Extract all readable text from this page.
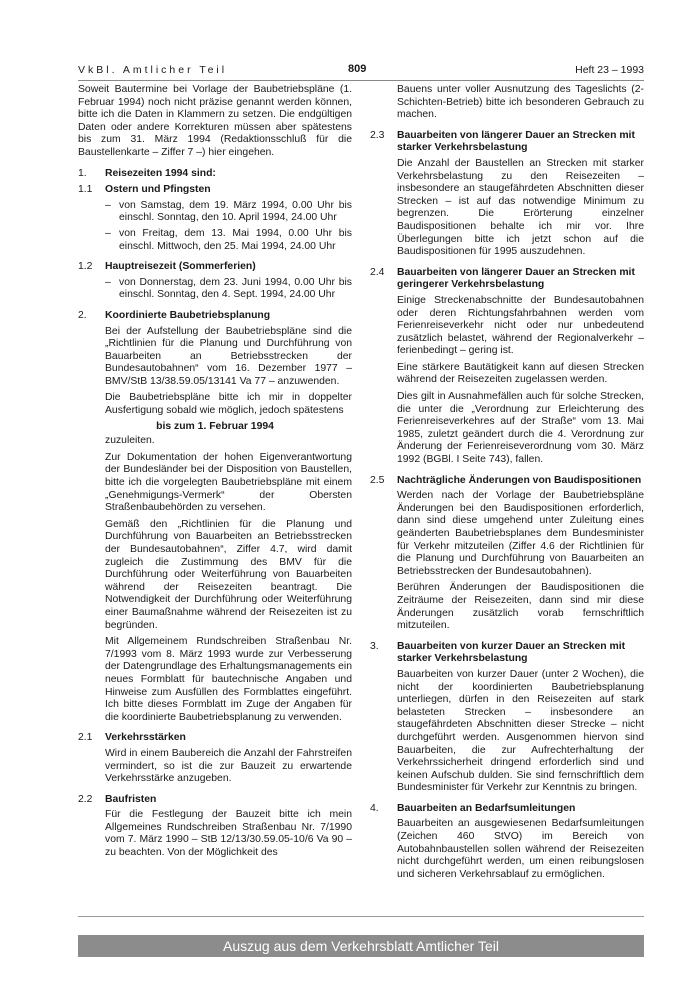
VkBl. Amtlicher Teil	809	Heft 23 – 1993

Soweit Bautermine bei Vorlage der Baubetriebspläne (1. Februar 1994) noch nicht präzise genannt werden können, bitte ich die Daten in Klammern zu setzen. Die endgültigen Daten oder andere Korrekturen müssen aber spätestens bis zum 31. März 1994 (Redaktionsschluß für die Baustellenkarte – Ziffer 7 –) hier eingehen.

1. Reisezeiten 1994 sind:
1.1 Ostern und Pfingsten
– von Samstag, dem 19. März 1994, 0.00 Uhr bis einschl. Sonntag, den 10. April 1994, 24.00 Uhr
– von Freitag, dem 13. Mai 1994, 0.00 Uhr bis einschl. Mittwoch, den 25. Mai 1994, 24.00 Uhr
1.2 Hauptreisezeit (Sommerferien)
– von Donnerstag, dem 23. Juni 1994, 0.00 Uhr bis einschl. Sonntag, den 4. Sept. 1994, 24.00 Uhr
2. Koordinierte Baubetriebsplanung

Bei der Aufstellung der Baubetriebspläne sind die „Richtlinien für die Planung und Durchführung von Bauarbeiten an Betriebsstrecken der Bundesautobahnen“ vom 16. Dezember 1977 – BMV/StB 13/38.59.05/13141 Va 77 – anzuwenden.

Die Baubetriebspläne bitte ich mir in doppelter Ausfertigung sobald wie möglich, jedoch spätestens

bis zum 1. Februar 1994

zuzuleiten.

Zur Dokumentation der hohen Eigenverantwortung der Bundesländer bei der Disposition von Baustellen, bitte ich die vorgelegten Baubetriebspläne mit einem „Genehmigungs-Vermerk“ der Obersten Straßenbaubehörden zu versehen.

Gemäß den „Richtlinien für die Planung und Durchführung von Bauarbeiten an Betriebsstrecken der Bundesautobahnen“, Ziffer 4.7, wird damit zugleich die Zustimmung des BMV für die Durchführung oder Weiterführung von Bauarbeiten während der Reisezeiten beantragt. Die Notwendigkeit der Durchführung oder Weiterführung einer Baumaßnahme während der Reisezeiten ist zu begründen.

Mit Allgemeinem Rundschreiben Straßenbau Nr. 7/1993 vom 8. März 1993 wurde zur Verbesserung der Datengrundlage des Erhaltungsmanagements ein neues Formblatt für bautechnische Angaben und Hinweise zum Ausfüllen des Formblattes eingeführt. Ich bitte dieses Formblatt im Zuge der Angaben für die koordinierte Baubetriebsplanung zu verwenden.

2.1 Verkehrsstärken

Wird in einem Baubereich die Anzahl der Fahrstreifen vermindert, so ist die zur Bauzeit zu erwartende Verkehrsstärke anzugeben.

2.2 Baufristen

Für die Festlegung der Bauzeit bitte ich mein Allgemeines Rundschreiben Straßenbau Nr. 7/1990 vom 7. März 1990 – StB 12/13/30.59.05-10/6 Va 90 – zu beachten. Von der Möglichkeit des

Bauens unter voller Ausnutzung des Tageslichts (2-Schichten-Betrieb) bitte ich besonderen Gebrauch zu machen.

2.3 Bauarbeiten von längerer Dauer an Strecken mit starker Verkehrsbelastung

Die Anzahl der Baustellen an Strecken mit starker Verkehrsbelastung zu den Reisezeiten – insbesondere an staugefährdeten Abschnitten dieser Strecken – ist auf das notwendige Minimum zu begrenzen. Die Erörterung einzelner Baudispositionen behalte ich mir vor. Ihre Überlegungen bitte ich jetzt schon auf die Baudispositionen für 1995 auszudehnen.

2.4 Bauarbeiten von längerer Dauer an Strecken mit geringerer Verkehrsbelastung

Einige Streckenabschnitte der Bundesautobahnen oder deren Richtungsfahrbahnen werden vom Ferienreiseverkehr nicht oder nur unbedeutend zusätzlich belastet, während der Regionalverkehr – ferienbedingt – gering ist.

Eine stärkere Bautätigkeit kann auf diesen Strecken während der Reisezeiten zugelassen werden.

Dies gilt in Ausnahmefällen auch für solche Strecken, die unter die „Verordnung zur Erleichterung des Ferienreiseverkehres auf der Straße“ vom 13. Mai 1985, zuletzt geändert durch die 4. Verordnung zur Änderung der Ferienreiseverordnung vom 30. März 1992 (BGBl. I Seite 743), fallen.

2.5 Nachträgliche Änderungen von Baudispositionen

Werden nach der Vorlage der Baubetriebspläne Änderungen bei den Baudispositionen erforderlich, dann sind diese umgehend unter Zuleitung eines geänderten Baubetriebsplanes dem Bundesminister für Verkehr mitzuteilen (Ziffer 4.6 der Richtlinien für die Planung und Durchführung von Bauarbeiten an Betriebsstrecken der Bundesautobahnen).

Berühren Änderungen der Baudispositionen die Zeiträume der Reisezeiten, dann sind mir diese Änderungen zusätzlich vorab fernschriftlich mitzuteilen.

3. Bauarbeiten von kurzer Dauer an Strecken mit starker Verkehrsbelastung

Bauarbeiten von kurzer Dauer (unter 2 Wochen), die nicht der koordinierten Baubetriebsplanung unterliegen, dürfen in den Reisezeiten auf stark belasteten Strecken – insbesondere an staugefährdeten Abschnitten dieser Strecke – nicht durchgeführt werden. Ausgenommen hiervon sind Bauarbeiten, die zur Aufrechterhaltung der Verkehrssicherheit dringend erforderlich sind und keinen Aufschub dulden. Sie sind fernschriftlich dem Bundesminister für Verkehr zur Kenntnis zu bringen.

4. Bauarbeiten an Bedarfsumleitungen

Bauarbeiten an ausgewiesenen Bedarfsumleitungen (Zeichen 460 StVO) im Bereich von Autobahnbaustellen sollen während der Reisezeiten nicht durchgeführt werden, um einen reibungslosen und sicheren Verkehrsablauf zu ermöglichen.

Auszug aus dem Verkehrsblatt Amtlicher Teil
